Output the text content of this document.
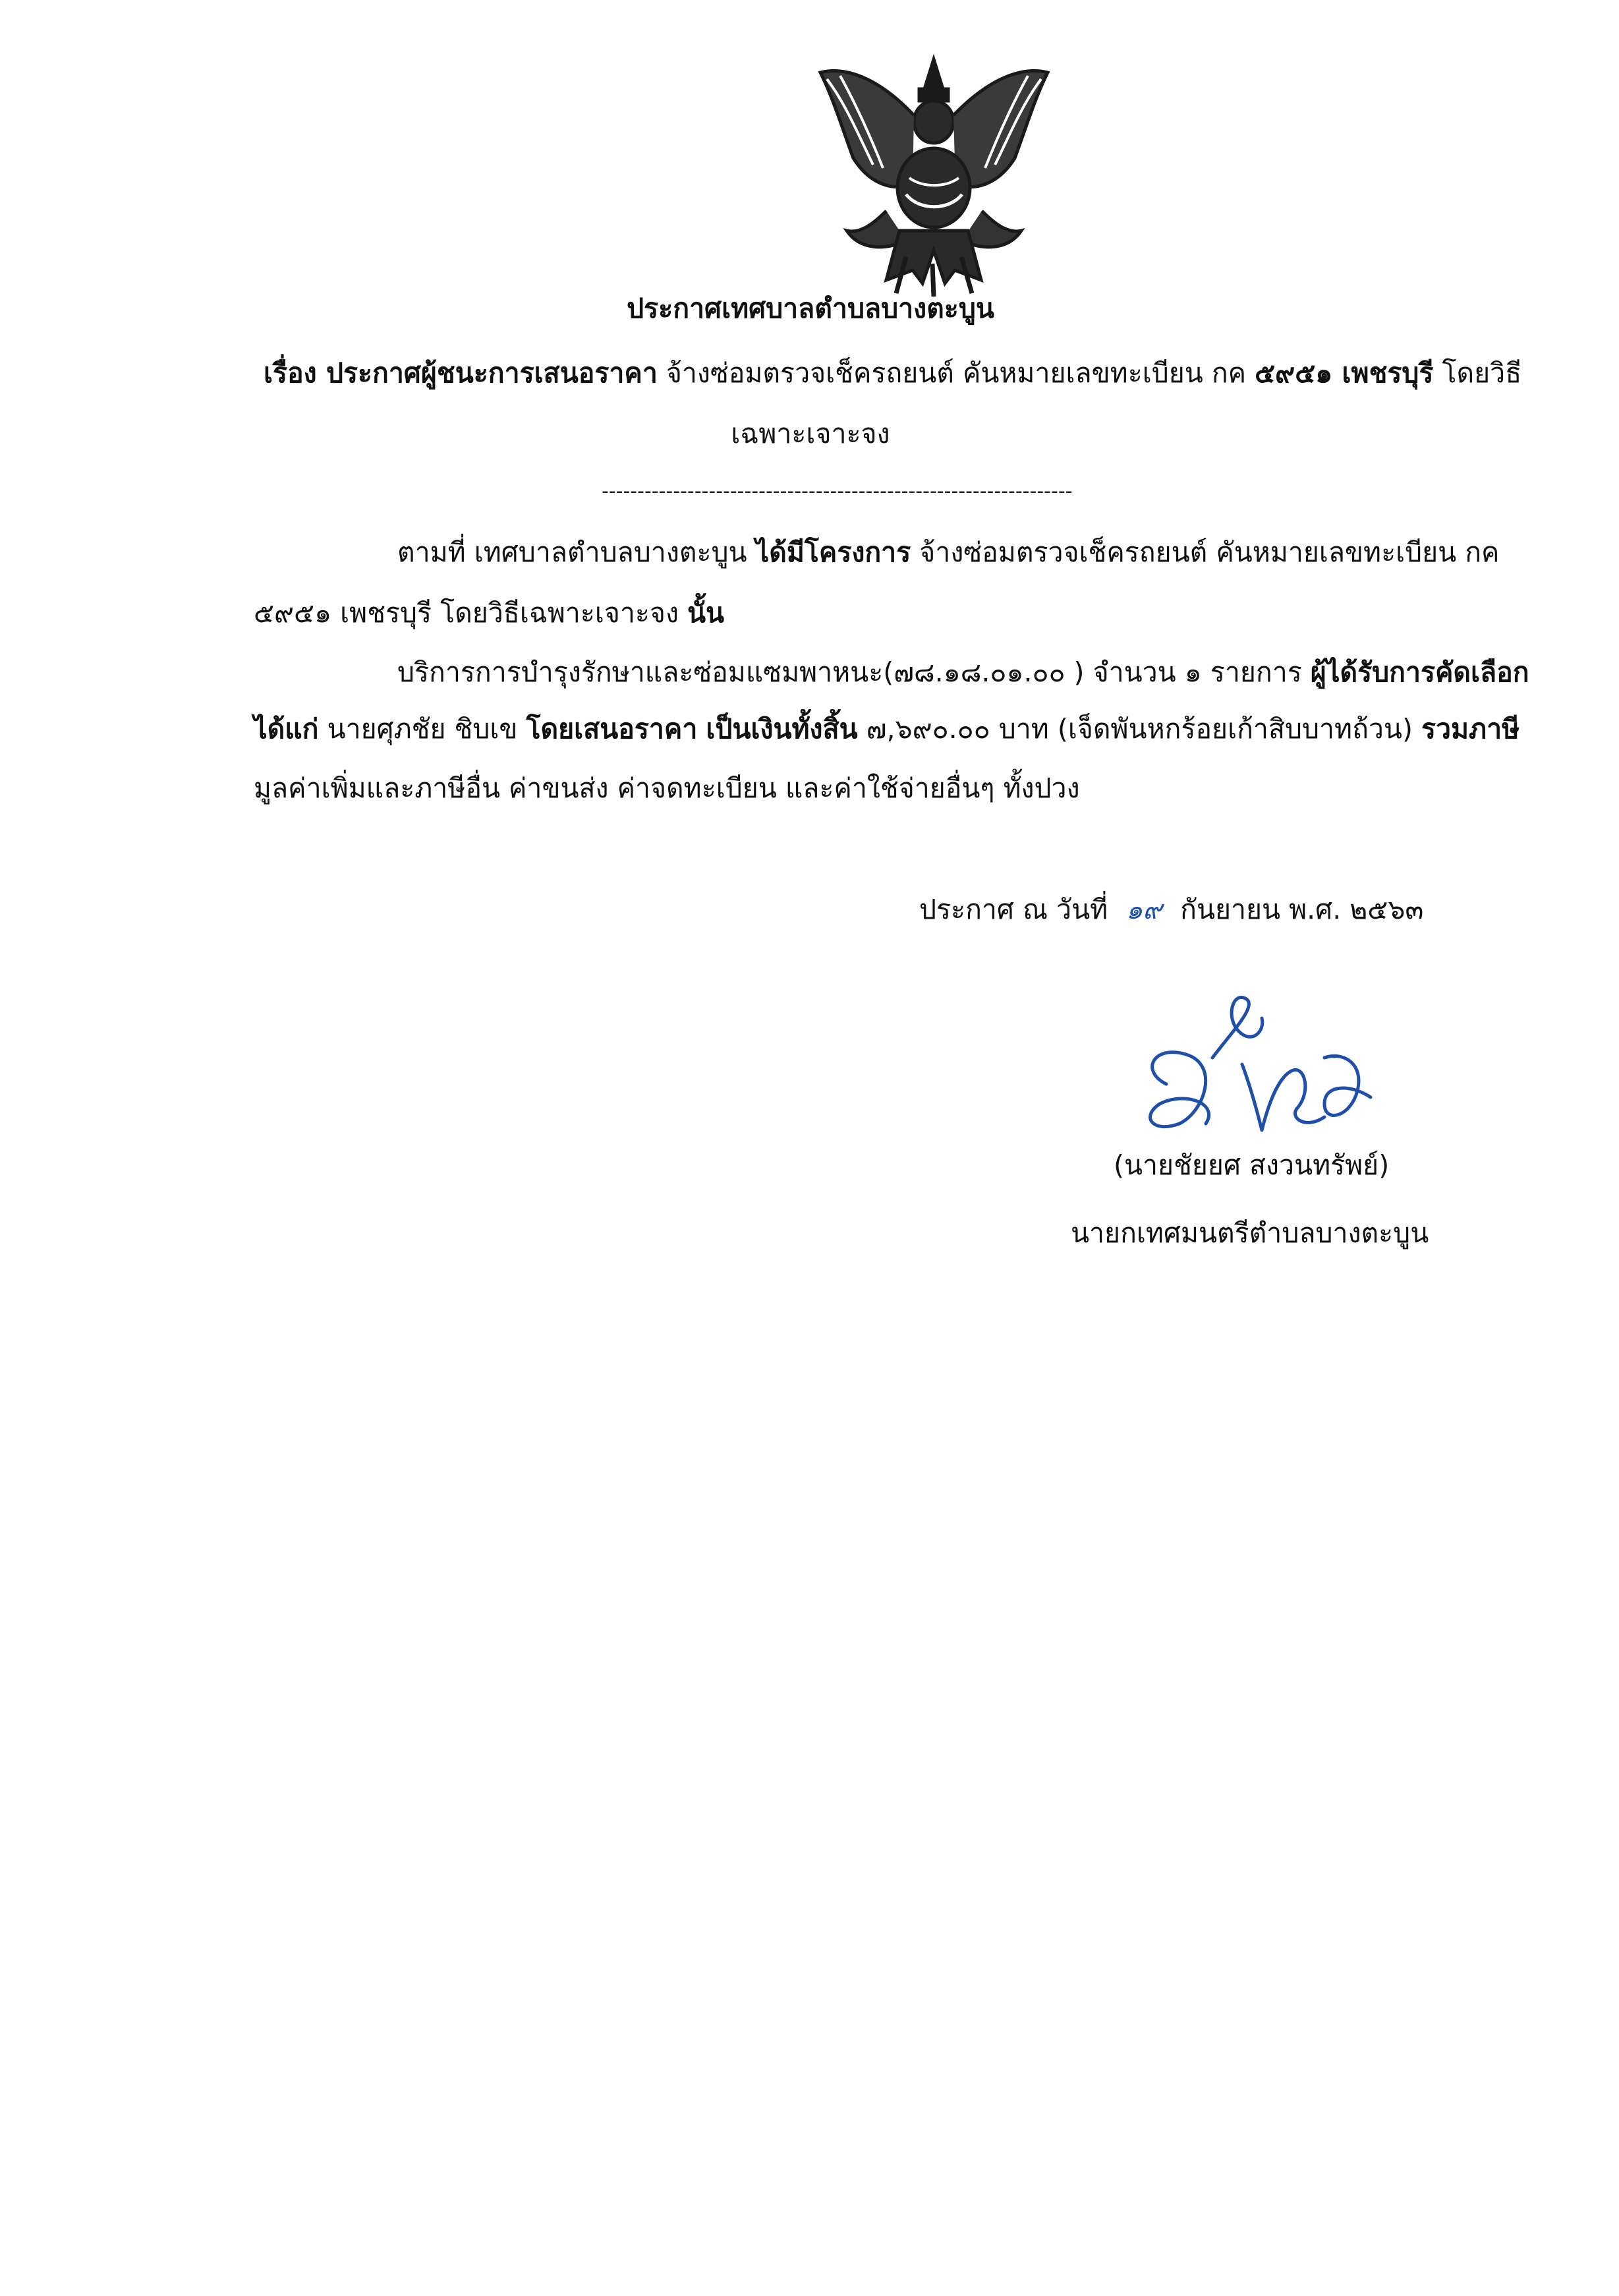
ประกาศเทศบาลตำบลบางตะบูน
เรื่อง ประกาศผู้ชนะการเสนอราคา จ้างซ่อมตรวจเช็ครถยนต์ คันหมายเลขทะเบียน กค ๕๙๕๑ เพชรบุรี โดยวิธี
เฉพาะเจาะจง
------------------------------------------------------------------
ตามที่ เทศบาลตำบลบางตะบูน ได้มีโครงการ จ้างซ่อมตรวจเช็ครถยนต์ คันหมายเลขทะเบียน กค
๕๙๕๑ เพชรบุรี โดยวิธีเฉพาะเจาะจง นั้น
บริการการบำรุงรักษาและซ่อมแซมพาหนะ(๗๘.๑๘.๐๑.๐๐ ) จำนวน ๑ รายการ ผู้ได้รับการคัดเลือก
ได้แก่ นายศุภชัย ชิบเข โดยเสนอราคา เป็นเงินทั้งสิ้น ๗,๖๙๐.๐๐ บาท (เจ็ดพันหกร้อยเก้าสิบบาทถ้วน) รวมภาษี
มูลค่าเพิ่มและภาษีอื่น ค่าขนส่ง ค่าจดทะเบียน และค่าใช้จ่ายอื่นๆ ทั้งปวง
ประกาศ ณ วันที่ ๑๙ กันยายน พ.ศ. ๒๕๖๓
(นายชัยยศ สงวนทรัพย์)
นายกเทศมนตรีตำบลบางตะบูน
